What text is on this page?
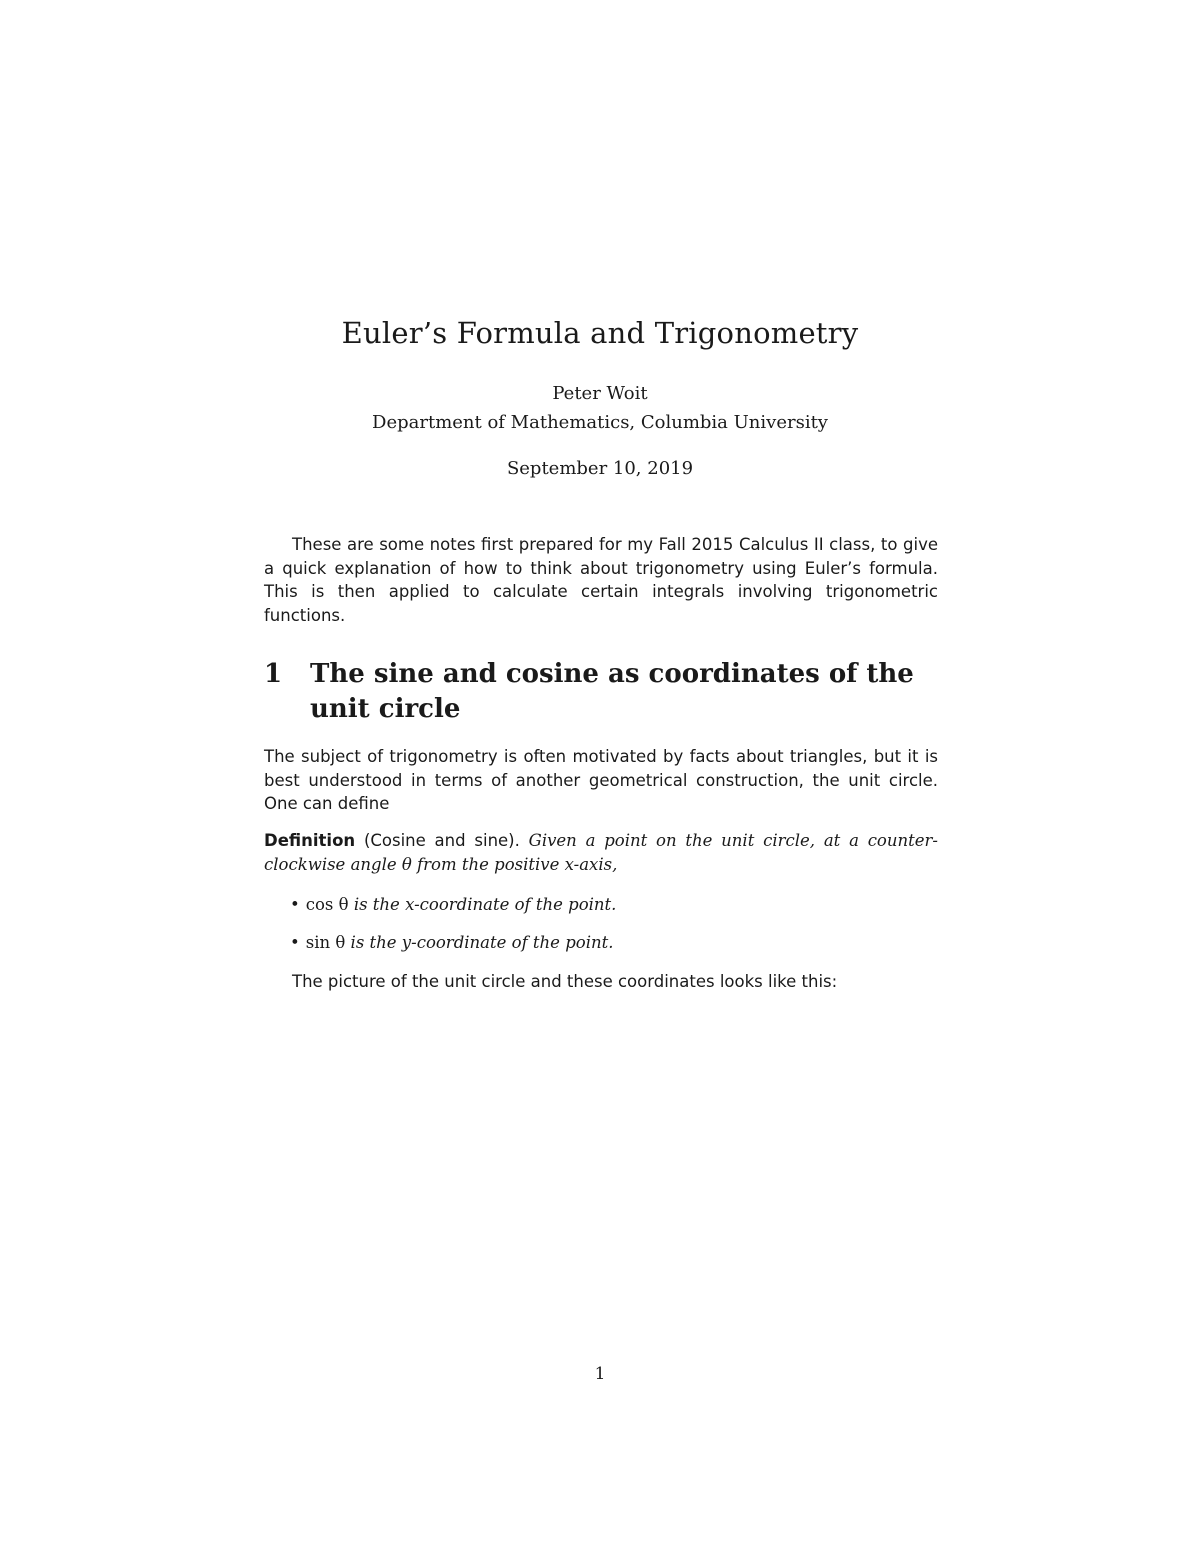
Euler’s Formula and Trigonometry
Peter Woit
Department of Mathematics, Columbia University
September 10, 2019

These are some notes first prepared for my Fall 2015 Calculus II class, to give a quick explanation of how to think about trigonometry using Euler’s formula. This is then applied to calculate certain integrals involving trigonometric functions.

1 The sine and cosine as coordinates of the unit circle

The subject of trigonometry is often motivated by facts about triangles, but it is best understood in terms of another geometrical construction, the unit circle. One can define

Definition (Cosine and sine). Given a point on the unit circle, at a counter-clockwise angle θ from the positive x-axis,

• cos θ is the x-coordinate of the point.
• sin θ is the y-coordinate of the point.

The picture of the unit circle and these coordinates looks like this:

1
